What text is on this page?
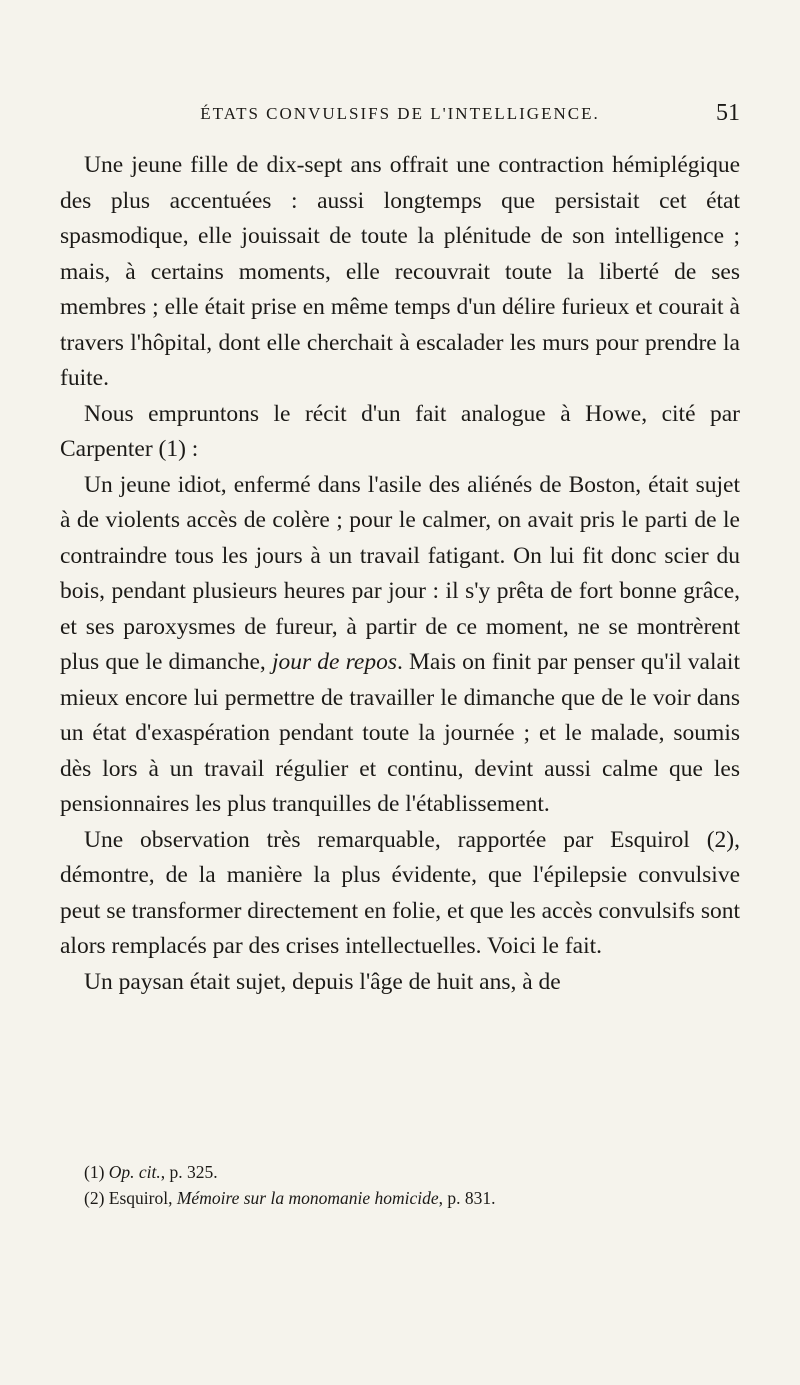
ÉTATS CONVULSIFS DE L'INTELLIGENCE.	51

Une jeune fille de dix-sept ans offrait une contraction hémiplégique des plus accentuées : aussi longtemps que persistait cet état spasmodique, elle jouissait de toute la plénitude de son intelligence ; mais, à certains moments, elle recouvrait toute la liberté de ses membres ; elle était prise en même temps d'un délire furieux et courait à travers l'hôpital, dont elle cherchait à escalader les murs pour prendre la fuite.

Nous empruntons le récit d'un fait analogue à Howe, cité par Carpenter (1) :

Un jeune idiot, enfermé dans l'asile des aliénés de Boston, était sujet à de violents accès de colère ; pour le calmer, on avait pris le parti de le contraindre tous les jours à un travail fatigant. On lui fit donc scier du bois, pendant plusieurs heures par jour : il s'y prêta de fort bonne grâce, et ses paroxysmes de fureur, à partir de ce moment, ne se montrèrent plus que le dimanche, jour de repos. Mais on finit par penser qu'il valait mieux encore lui permettre de travailler le dimanche que de le voir dans un état d'exaspération pendant toute la journée ; et le malade, soumis dès lors à un travail régulier et continu, devint aussi calme que les pensionnaires les plus tranquilles de l'établissement.

Une observation très remarquable, rapportée par Esquirol (2), démontre, de la manière la plus évidente, que l'épilepsie convulsive peut se transformer directement en folie, et que les accès convulsifs sont alors remplacés par des crises intellectuelles. Voici le fait.

Un paysan était sujet, depuis l'âge de huit ans, à de

(1) Op. cit., p. 325.

(2) Esquirol, Mémoire sur la monomanie homicide, p. 831.
